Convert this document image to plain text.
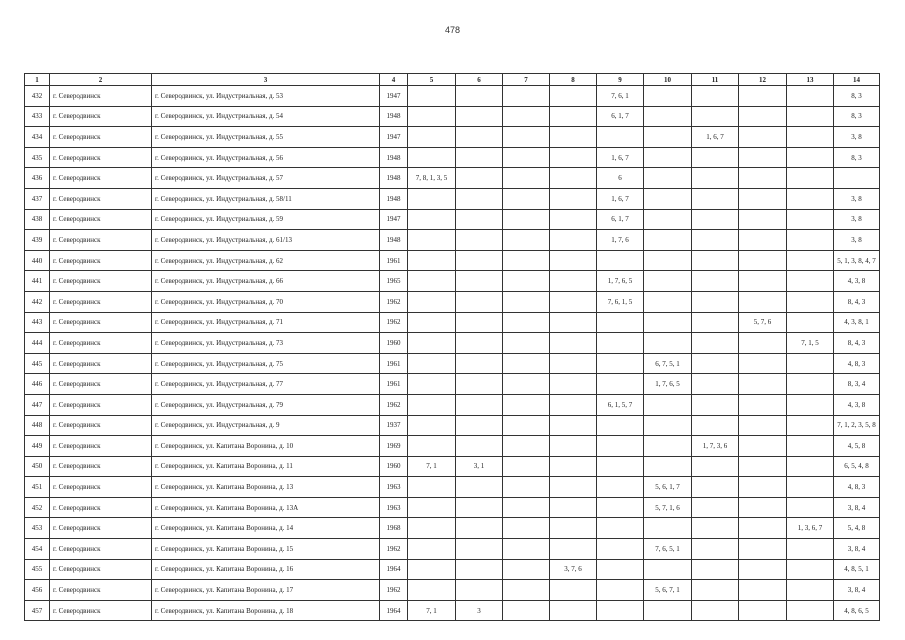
478
1	2	3	4	5	6	7	8	9	10	11	12	13	14
432	г. Северодвинск	г. Северодвинск, ул. Индустриальная, д. 53	1947					7, 6, 1					8, 3
433	г. Северодвинск	г. Северодвинск, ул. Индустриальная, д. 54	1948					6, 1, 7					8, 3
434	г. Северодвинск	г. Северодвинск, ул. Индустриальная, д. 55	1947							1, 6, 7			3, 8
435	г. Северодвинск	г. Северодвинск, ул. Индустриальная, д. 56	1948					1, 6, 7					8, 3
436	г. Северодвинск	г. Северодвинск, ул. Индустриальная, д. 57	1948	7, 8, 1, 3, 5				6					
437	г. Северодвинск	г. Северодвинск, ул. Индустриальная, д. 58/11	1948					1, 6, 7					3, 8
438	г. Северодвинск	г. Северодвинск, ул. Индустриальная, д. 59	1947					6, 1, 7					3, 8
439	г. Северодвинск	г. Северодвинск, ул. Индустриальная, д. 61/13	1948					1, 7, 6					3, 8
440	г. Северодвинск	г. Северодвинск, ул. Индустриальная, д. 62	1961										5, 1, 3, 8, 4, 7
441	г. Северодвинск	г. Северодвинск, ул. Индустриальная, д. 66	1965					1, 7, 6, 5					4, 3, 8
442	г. Северодвинск	г. Северодвинск, ул. Индустриальная, д. 70	1962					7, 6, 1, 5					8, 4, 3
443	г. Северодвинск	г. Северодвинск, ул. Индустриальная, д. 71	1962								5, 7, 6		4, 3, 8, 1
444	г. Северодвинск	г. Северодвинск, ул. Индустриальная, д. 73	1960									7, 1, 5	8, 4, 3
445	г. Северодвинск	г. Северодвинск, ул. Индустриальная, д. 75	1961						6, 7, 5, 1				4, 8, 3
446	г. Северодвинск	г. Северодвинск, ул. Индустриальная, д. 77	1961						1, 7, 6, 5				8, 3, 4
447	г. Северодвинск	г. Северодвинск, ул. Индустриальная, д. 79	1962					6, 1, 5, 7					4, 3, 8
448	г. Северодвинск	г. Северодвинск, ул. Индустриальная, д. 9	1937										7, 1, 2, 3, 5, 8
449	г. Северодвинск	г. Северодвинск, ул. Капитана Воронина, д. 10	1969							1, 7, 3, 6			4, 5, 8
450	г. Северодвинск	г. Северодвинск, ул. Капитана Воронина, д. 11	1960	7, 1	3, 1								6, 5, 4, 8
451	г. Северодвинск	г. Северодвинск, ул. Капитана Воронина, д. 13	1963						5, 6, 1, 7				4, 8, 3
452	г. Северодвинск	г. Северодвинск, ул. Капитана Воронина, д. 13А	1963						5, 7, 1, 6				3, 8, 4
453	г. Северодвинск	г. Северодвинск, ул. Капитана Воронина, д. 14	1968									1, 3, 6, 7	5, 4, 8
454	г. Северодвинск	г. Северодвинск, ул. Капитана Воронина, д. 15	1962						7, 6, 5, 1				3, 8, 4
455	г. Северодвинск	г. Северодвинск, ул. Капитана Воронина, д. 16	1964				3, 7, 6						4, 8, 5, 1
456	г. Северодвинск	г. Северодвинск, ул. Капитана Воронина, д. 17	1962						5, 6, 7, 1				3, 8, 4
457	г. Северодвинск	г. Северодвинск, ул. Капитана Воронина, д. 18	1964	7, 1	3								4, 8, 6, 5
